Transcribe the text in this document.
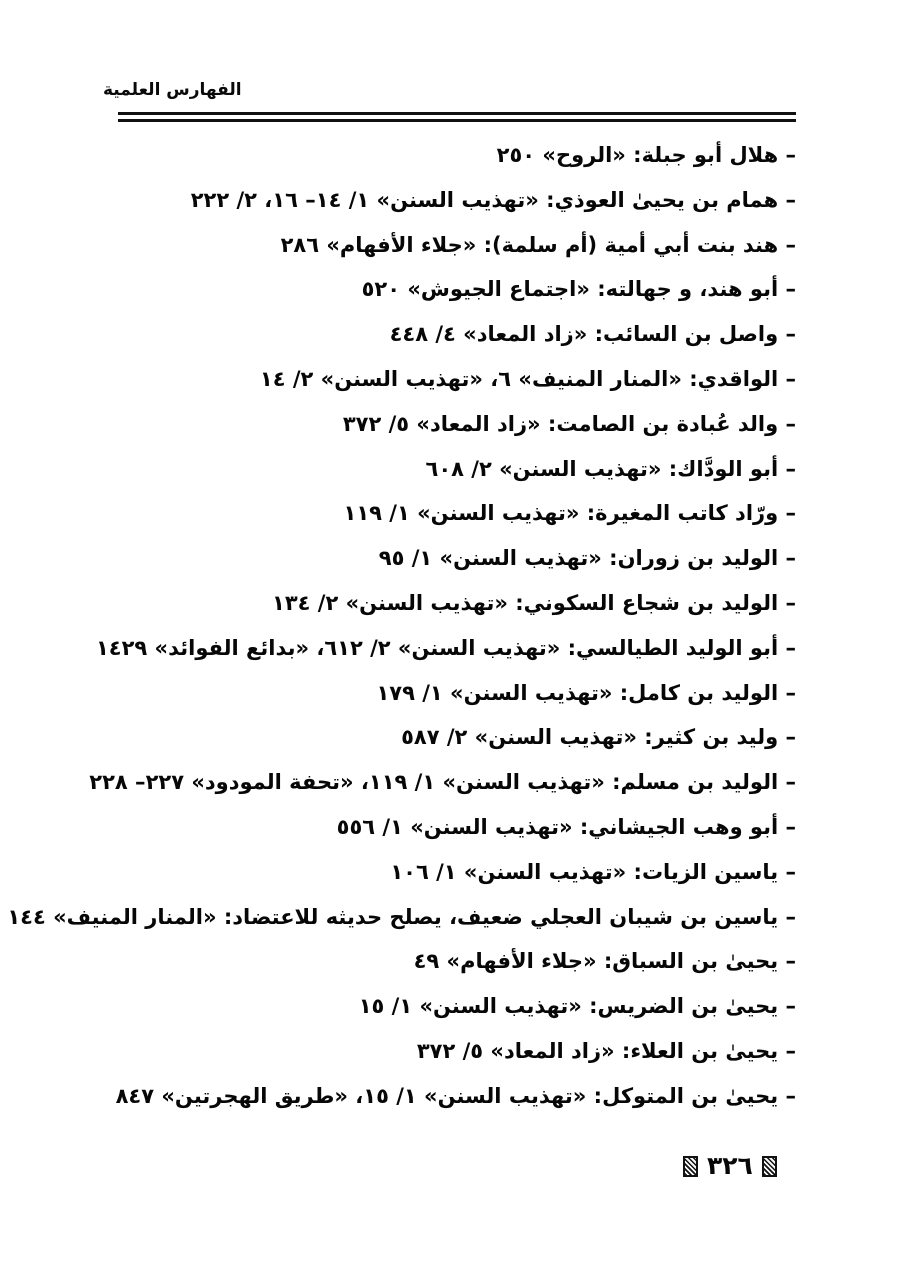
الفهارس العلمية
– هلال أبو جبلة: «الروح» ٢٥٠
– همام بن يحيىٰ العوذي: «تهذيب السنن» ١/ ١٤– ١٦، ٢/ ٢٢٢
– هند بنت أبي أمية (أم سلمة): «جلاء الأفهام» ٢٨٦
– أبو هند، و جهالته: «اجتماع الجيوش» ٥٢٠
– واصل بن السائب: «زاد المعاد» ٤/ ٤٤٨
– الواقدي: «المنار المنيف» ٦، «تهذيب السنن» ٢/ ١٤
– والد عُبادة بن الصامت: «زاد المعاد» ٥/ ٣٧٢
– أبو الودَّاك: «تهذيب السنن» ٢/ ٦٠٨
– ورّاد كاتب المغيرة: «تهذيب السنن» ١/ ١١٩
– الوليد بن زوران: «تهذيب السنن» ١/ ٩٥
– الوليد بن شجاع السكوني: «تهذيب السنن» ٢/ ١٣٤
– أبو الوليد الطيالسي: «تهذيب السنن» ٢/ ٦١٢، «بدائع الفوائد» ١٤٢٩
– الوليد بن كامل: «تهذيب السنن» ١/ ١٧٩
– وليد بن كثير: «تهذيب السنن» ٢/ ٥٨٧
– الوليد بن مسلم: «تهذيب السنن» ١/ ١١٩، «تحفة المودود» ٢٢٧– ٢٢٨
– أبو وهب الجيشاني: «تهذيب السنن» ١/ ٥٥٦
– ياسين الزيات: «تهذيب السنن» ١/ ١٠٦
– ياسين بن شيبان العجلي ضعيف، يصلح حديثه للاعتضاد: «المنار المنيف» ١٤٤
– يحيىٰ بن السباق: «جلاء الأفهام» ٤٩
– يحيىٰ بن الضريس: «تهذيب السنن» ١/ ١٥
– يحيىٰ بن العلاء: «زاد المعاد» ٥/ ٣٧٢
– يحيىٰ بن المتوكل: «تهذيب السنن» ١/ ١٥، «طريق الهجرتين» ٨٤٧
٣٢٦
